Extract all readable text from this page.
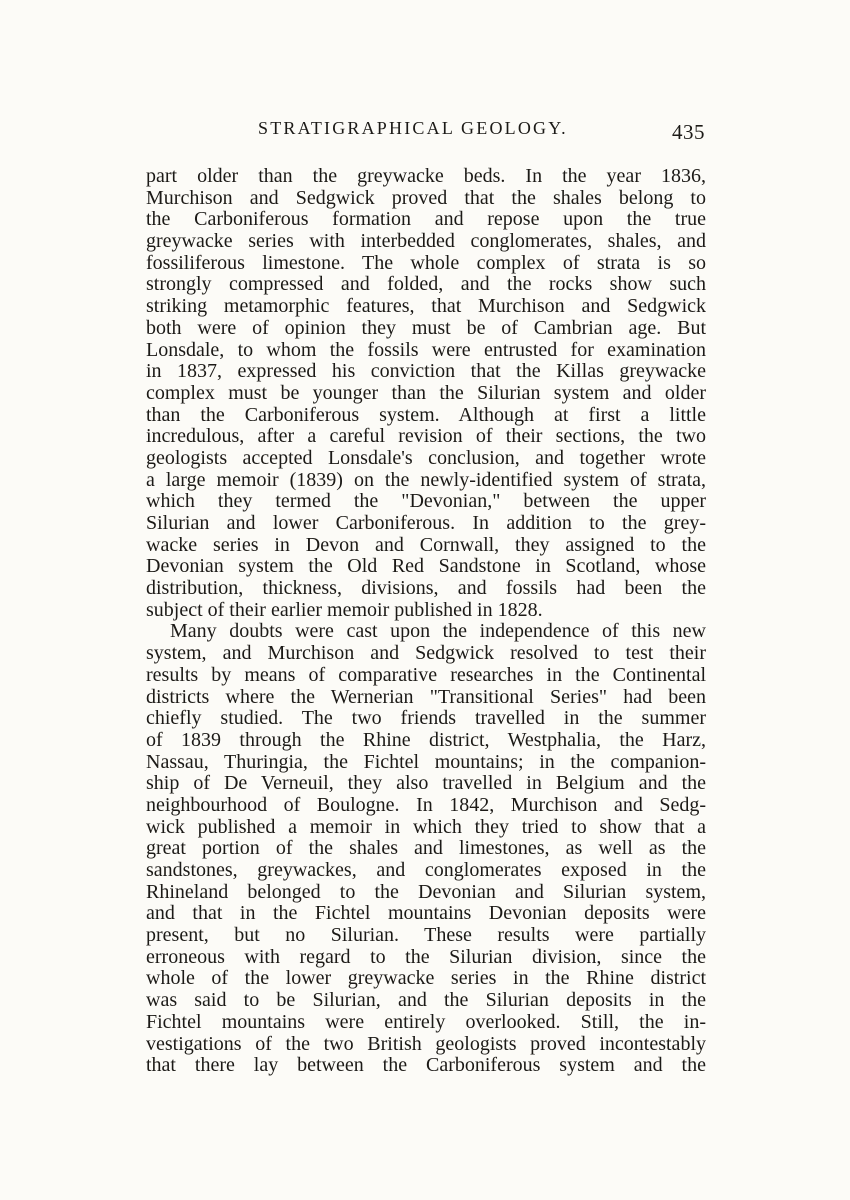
STRATIGRAPHICAL GEOLOGY.	435
part older than the greywacke beds. In the year 1836,
Murchison and Sedgwick proved that the shales belong to
the Carboniferous formation and repose upon the true
greywacke series with interbedded conglomerates, shales, and
fossiliferous limestone. The whole complex of strata is so
strongly compressed and folded, and the rocks show such
striking metamorphic features, that Murchison and Sedgwick
both were of opinion they must be of Cambrian age. But
Lonsdale, to whom the fossils were entrusted for examination
in 1837, expressed his conviction that the Killas greywacke
complex must be younger than the Silurian system and older
than the Carboniferous system. Although at first a little
incredulous, after a careful revision of their sections, the two
geologists accepted Lonsdale's conclusion, and together wrote
a large memoir (1839) on the newly-identified system of strata,
which they termed the "Devonian," between the upper
Silurian and lower Carboniferous. In addition to the grey-
wacke series in Devon and Cornwall, they assigned to the
Devonian system the Old Red Sandstone in Scotland, whose
distribution, thickness, divisions, and fossils had been the
subject of their earlier memoir published in 1828.
Many doubts were cast upon the independence of this new
system, and Murchison and Sedgwick resolved to test their
results by means of comparative researches in the Continental
districts where the Wernerian "Transitional Series" had been
chiefly studied. The two friends travelled in the summer
of 1839 through the Rhine district, Westphalia, the Harz,
Nassau, Thuringia, the Fichtel mountains; in the companion-
ship of De Verneuil, they also travelled in Belgium and the
neighbourhood of Boulogne. In 1842, Murchison and Sedg-
wick published a memoir in which they tried to show that a
great portion of the shales and limestones, as well as the
sandstones, greywackes, and conglomerates exposed in the
Rhineland belonged to the Devonian and Silurian system,
and that in the Fichtel mountains Devonian deposits were
present, but no Silurian. These results were partially
erroneous with regard to the Silurian division, since the
whole of the lower greywacke series in the Rhine district
was said to be Silurian, and the Silurian deposits in the
Fichtel mountains were entirely overlooked. Still, the in-
vestigations of the two British geologists proved incontestably
that there lay between the Carboniferous system and the
